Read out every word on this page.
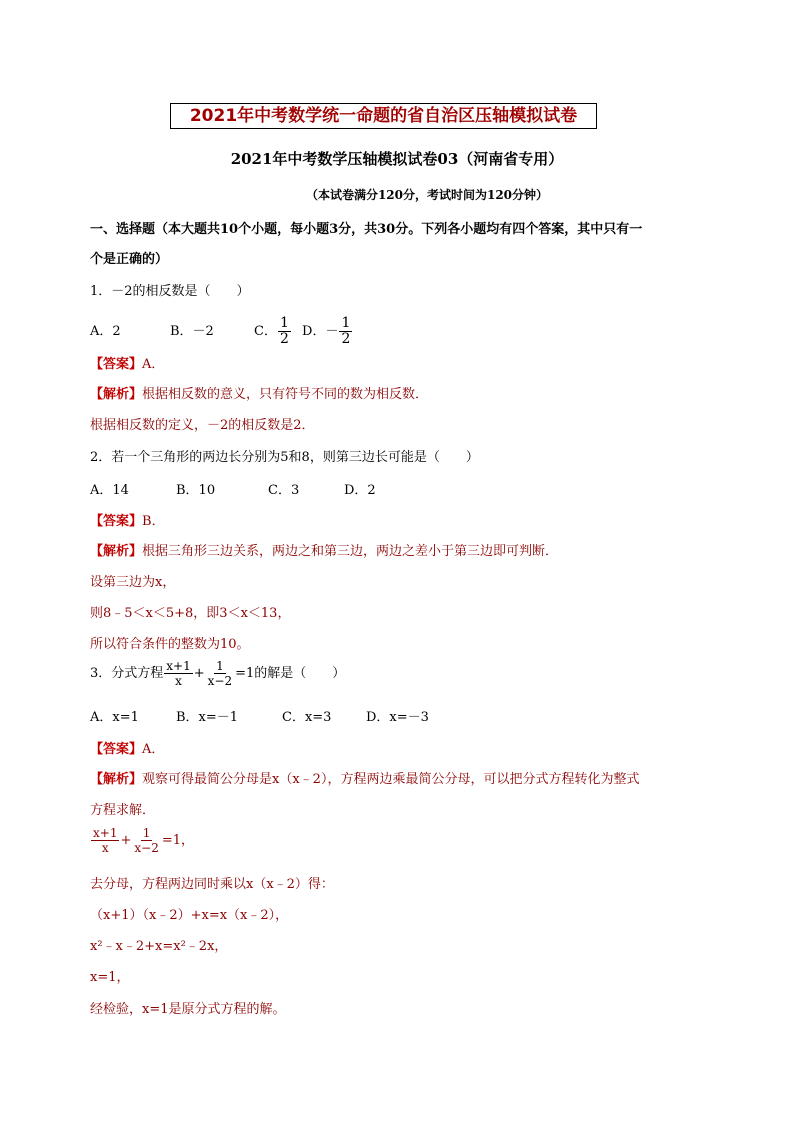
2021年中考数学统一命题的省自治区压轴模拟试卷
2021年中考数学压轴模拟试卷03（河南省专用）
（本试卷满分120分，考试时间为120分钟）
一、选择题（本大题共10个小题，每小题3分，共30分。下列各小题均有四个答案，其中只有一
个是正确的）
1．－2的相反数是（　　）
A．2	B．－2	C． $\frac{1}{2}$ D．－ $\frac{1}{2}$
【答案】A．
【解析】根据相反数的意义，只有符号不同的数为相反数．
根据相反数的定义，－2的相反数是2．
2．若一个三角形的两边长分别为5和8，则第三边长可能是（　　）
A．14	B．10	C．3	D．2
【答案】B．
【解析】根据三角形三边关系，两边之和第三边，两边之差小于第三边即可判断．
设第三边为x，
则8﹣5＜x＜5+8，即3＜x＜13，
所以符合条件的整数为10。
3．分式方程 $\frac{x+1}{x} + \frac{1}{x-2} =1$的解是（　　）
A．x=1	B．x=－1	C．x=3	D．x=－3
【答案】A．
【解析】观察可得最简公分母是x（x﹣2），方程两边乘最简公分母，可以把分式方程转化为整式
方程求解．
$\frac{x+1}{x} + \frac{1}{x-2} =1$，
去分母，方程两边同时乘以x（x﹣2）得：
（x+1）（x﹣2）+x=x（x﹣2），
x²﹣x﹣2+x=x²﹣2x，
x=1，
经检验，x=1是原分式方程的解。
